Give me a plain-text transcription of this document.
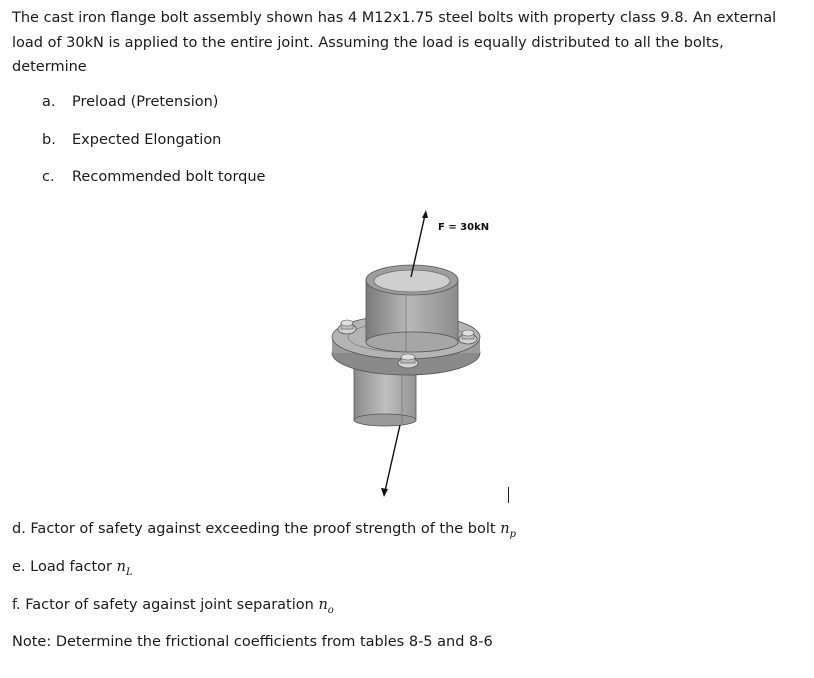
The cast iron flange bolt assembly shown has 4 M12x1.75 steel bolts with property class 9.8. An external load of 30kN is applied to the entire joint. Assuming the load is equally distributed to all the bolts, determine
a. Preload (Pretension)
b. Expected Elongation
c. Recommended bolt torque
F = 30kN
d. Factor of safety against exceeding the proof strength of the bolt $n_p$
e. Load factor $n_L$
f. Factor of safety against joint separation $n_o$
Note: Determine the frictional coefficients from tables 8-5 and 8-6
